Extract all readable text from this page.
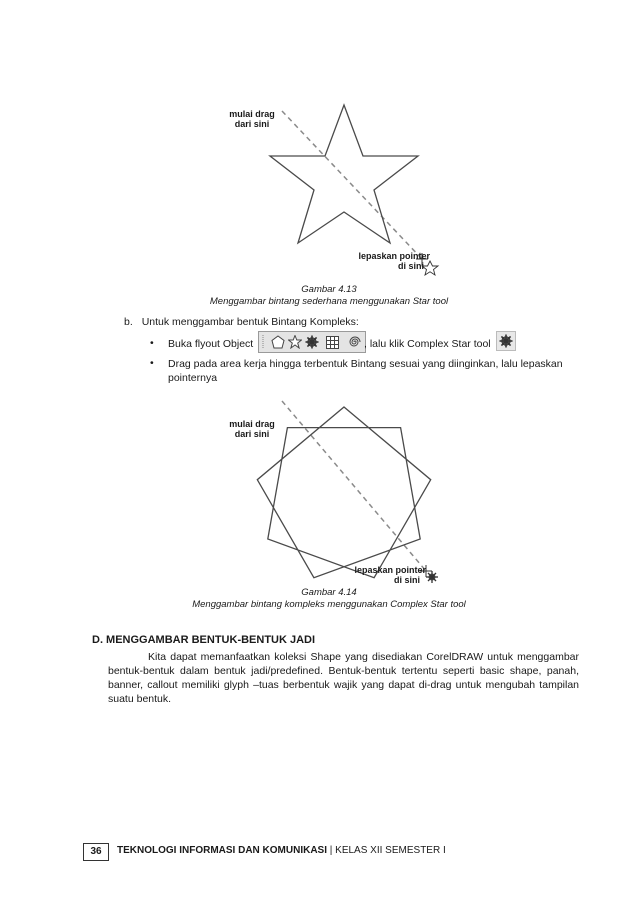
mulai drag
dari sini
lepaskan pointer
di sini
Gambar 4.13
Menggambar bintang sederhana menggunakan Star tool
b. Untuk menggambar bentuk Bintang Kompleks:
• Buka flyout Object	, lalu klik Complex Star tool
• Drag pada area kerja hingga terbentuk Bintang sesuai yang diinginkan, lalu lepaskan pointernya
mulai drag
dari sini
lepaskan pointer
di sini
Gambar 4.14
Menggambar bintang kompleks menggunakan Complex Star tool
D. MENGGAMBAR BENTUK-BENTUK JADI
Kita dapat memanfaatkan koleksi Shape yang disediakan CorelDRAW untuk menggambar bentuk-bentuk dalam bentuk jadi/predefined. Bentuk-bentuk tertentu seperti basic shape, panah, banner, callout memiliki glyph –tuas berbentuk wajik yang dapat di-drag untuk mengubah tampilan suatu bentuk.
36	TEKNOLOGI INFORMASI DAN KOMUNIKASI | KELAS XII SEMESTER I
